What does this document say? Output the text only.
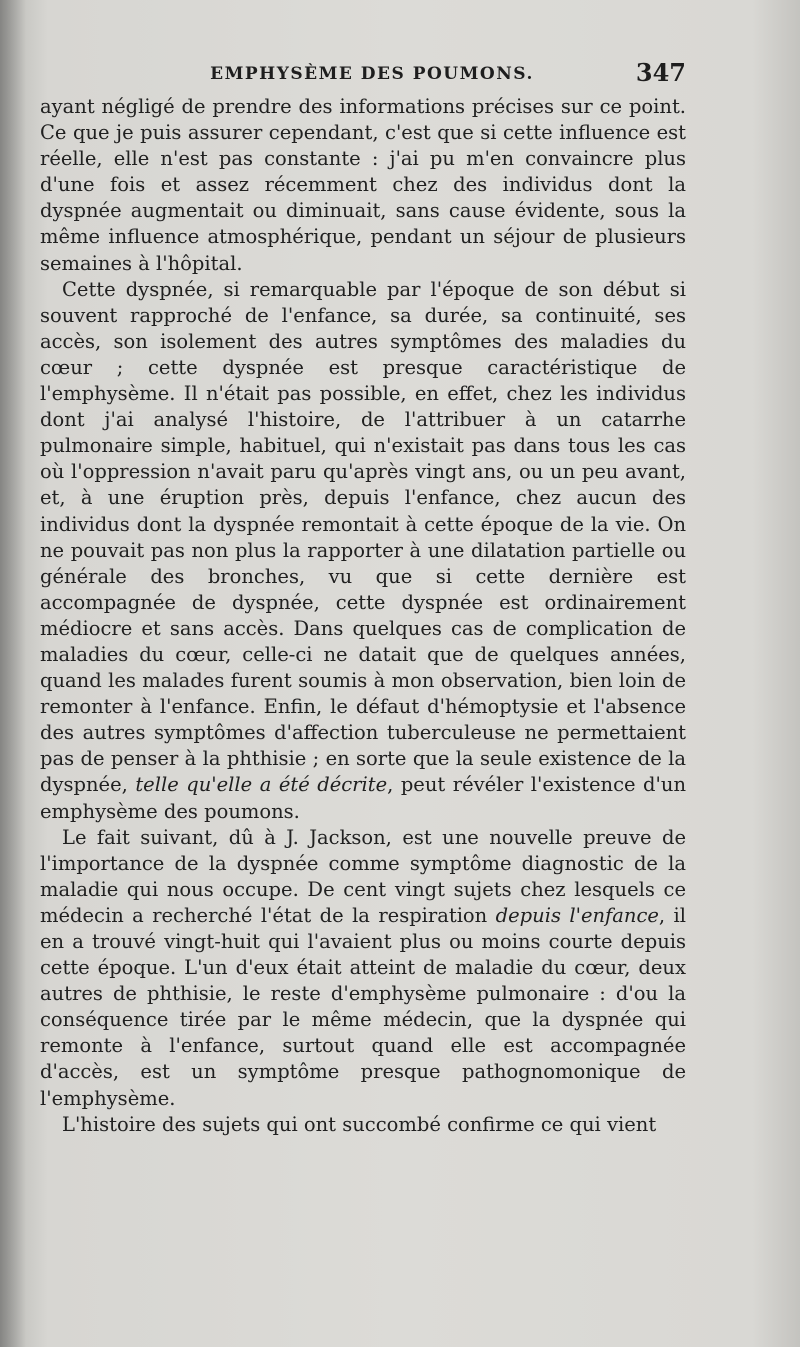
EMPHYSÈME DES POUMONS.	347

ayant négligé de prendre des informations précises sur ce point. Ce que je puis assurer cependant, c'est que si cette influence est réelle, elle n'est pas constante : j'ai pu m'en convaincre plus d'une fois et assez récemment chez des individus dont la dyspnée augmentait ou diminuait, sans cause évidente, sous la même influence atmosphérique, pendant un séjour de plusieurs semaines à l'hôpital.

Cette dyspnée, si remarquable par l'époque de son début si souvent rapproché de l'enfance, sa durée, sa continuité, ses accès, son isolement des autres symptômes des maladies du cœur ; cette dyspnée est presque caractéristique de l'emphysème. Il n'était pas possible, en effet, chez les individus dont j'ai analysé l'histoire, de l'attribuer à un catarrhe pulmonaire simple, habituel, qui n'existait pas dans tous les cas où l'oppression n'avait paru qu'après vingt ans, ou un peu avant, et, à une éruption près, depuis l'enfance, chez aucun des individus dont la dyspnée remontait à cette époque de la vie. On ne pouvait pas non plus la rapporter à une dilatation partielle ou générale des bronches, vu que si cette dernière est accompagnée de dyspnée, cette dyspnée est ordinairement médiocre et sans accès. Dans quelques cas de complication de maladies du cœur, celle-ci ne datait que de quelques années, quand les malades furent soumis à mon observation, bien loin de remonter à l'enfance. Enfin, le défaut d'hémoptysie et l'absence des autres symptômes d'affection tuberculeuse ne permettaient pas de penser à la phthisie ; en sorte que la seule existence de la dyspnée, telle qu'elle a été décrite, peut révéler l'existence d'un emphysème des poumons.

Le fait suivant, dû à J. Jackson, est une nouvelle preuve de l'importance de la dyspnée comme symptôme diagnostic de la maladie qui nous occupe. De cent vingt sujets chez lesquels ce médecin a recherché l'état de la respiration depuis l'enfance, il en a trouvé vingt-huit qui l'avaient plus ou moins courte depuis cette époque. L'un d'eux était atteint de maladie du cœur, deux autres de phthisie, le reste d'emphysème pulmonaire : d'ou la conséquence tirée par le même médecin, que la dyspnée qui remonte à l'enfance, surtout quand elle est accompagnée d'accès, est un symptôme presque pathognomonique de l'emphysème.

L'histoire des sujets qui ont succombé confirme ce qui vient
